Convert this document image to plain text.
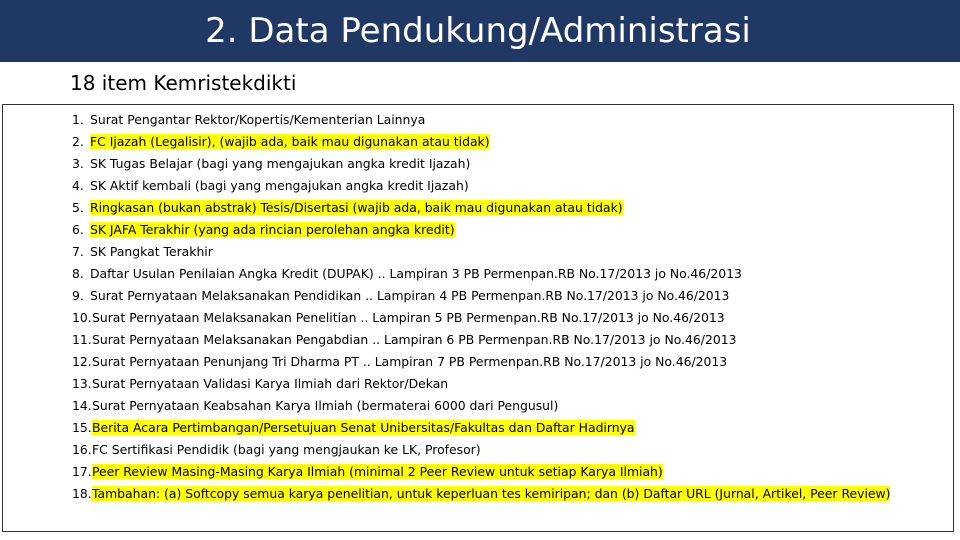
2. Data Pendukung/Administrasi
18 item Kemristekdikti
1. Surat Pengantar Rektor/Kopertis/Kementerian Lainnya
2. FC Ijazah (Legalisir), (wajib ada, baik mau digunakan atau tidak)
3. SK Tugas Belajar (bagi yang mengajukan angka kredit Ijazah)
4. SK Aktif kembali (bagi yang mengajukan angka kredit Ijazah)
5. Ringkasan (bukan abstrak) Tesis/Disertasi (wajib ada, baik mau digunakan atau tidak)
6. SK JAFA Terakhir (yang ada rincian perolehan angka kredit)
7. SK Pangkat Terakhir
8. Daftar Usulan Penilaian Angka Kredit (DUPAK) .. Lampiran 3 PB Permenpan.RB No.17/2013 jo No.46/2013
9. Surat Pernyataan Melaksanakan Pendidikan .. Lampiran 4 PB Permenpan.RB No.17/2013 jo No.46/2013
10.Surat Pernyataan Melaksanakan Penelitian .. Lampiran 5 PB Permenpan.RB No.17/2013 jo No.46/2013
11.Surat Pernyataan Melaksanakan Pengabdian .. Lampiran 6 PB Permenpan.RB No.17/2013 jo No.46/2013
12.Surat Pernyataan Penunjang Tri Dharma PT .. Lampiran 7 PB Permenpan.RB No.17/2013 jo No.46/2013
13.Surat Pernyataan Validasi Karya Ilmiah dari Rektor/Dekan
14.Surat Pernyataan Keabsahan Karya Ilmiah (bermaterai 6000 dari Pengusul)
15.Berita Acara Pertimbangan/Persetujuan Senat Unibersitas/Fakultas dan Daftar Hadirnya
16.FC Sertifikasi Pendidik (bagi yang mengjaukan ke LK, Profesor)
17.Peer Review Masing-Masing Karya Ilmiah (minimal 2 Peer Review untuk setiap Karya Ilmiah)
18.Tambahan: (a) Softcopy semua karya penelitian, untuk keperluan tes kemiripan; dan (b) Daftar URL (Jurnal, Artikel, Peer Review)
